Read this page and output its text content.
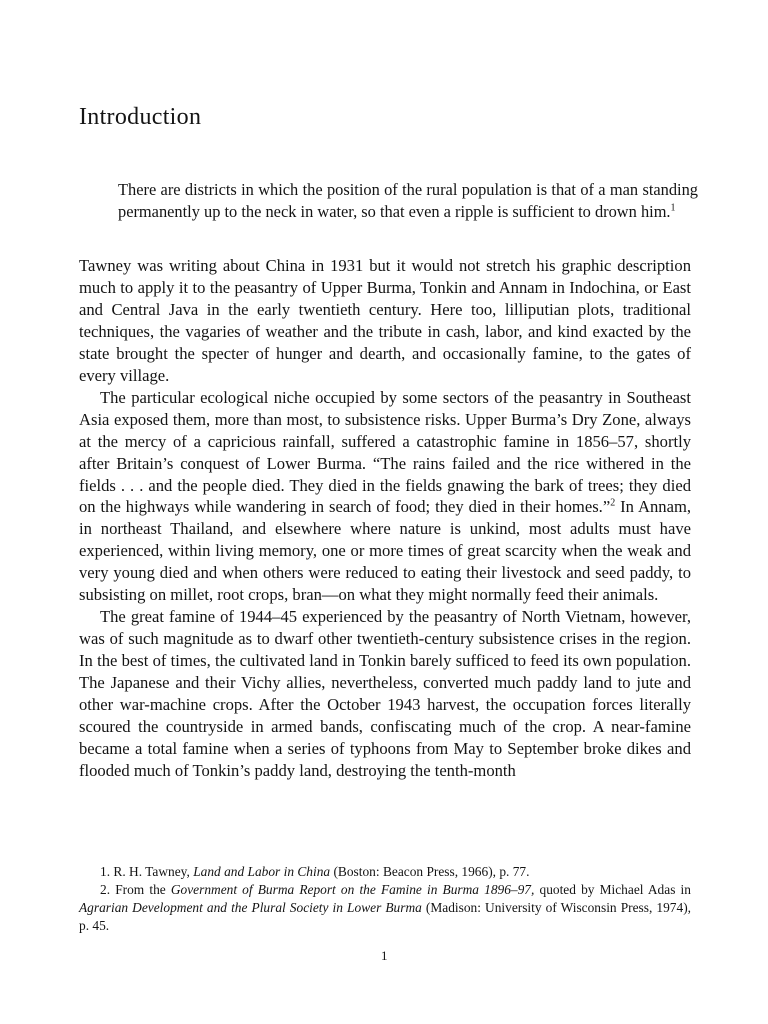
Introduction

There are districts in which the position of the rural population is that of a man standing permanently up to the neck in water, so that even a ripple is sufficient to drown him.$^1$

Tawney was writing about China in 1931 but it would not stretch his graphic description much to apply it to the peasantry of Upper Burma, Tonkin and Annam in Indochina, or East and Central Java in the early twentieth century. Here too, lilliputian plots, traditional techniques, the vagaries of weather and the tribute in cash, labor, and kind exacted by the state brought the specter of hunger and dearth, and occasionally famine, to the gates of every village.

The particular ecological niche occupied by some sectors of the peasantry in Southeast Asia exposed them, more than most, to subsistence risks. Upper Burma’s Dry Zone, always at the mercy of a capricious rainfall, suffered a catastrophic famine in 1856–57, shortly after Britain’s conquest of Lower Burma. “The rains failed and the rice withered in the fields . . . and the people died. They died in the fields gnawing the bark of trees; they died on the highways while wandering in search of food; they died in their homes.”$^2$ In Annam, in northeast Thailand, and elsewhere where nature is unkind, most adults must have experienced, within living memory, one or more times of great scarcity when the weak and very young died and when others were reduced to eating their livestock and seed paddy, to subsisting on millet, root crops, bran—on what they might normally feed their animals.

The great famine of 1944–45 experienced by the peasantry of North Vietnam, however, was of such magnitude as to dwarf other twentieth-century subsistence crises in the region. In the best of times, the cultivated land in Tonkin barely sufficed to feed its own population. The Japanese and their Vichy allies, nevertheless, converted much paddy land to jute and other war-machine crops. After the October 1943 harvest, the occupation forces literally scoured the countryside in armed bands, confiscating much of the crop. A near-famine became a total famine when a series of typhoons from May to September broke dikes and flooded much of Tonkin’s paddy land, destroying the tenth-month

1. R. H. Tawney, Land and Labor in China (Boston: Beacon Press, 1966), p. 77.

2. From the Government of Burma Report on the Famine in Burma 1896–97, quoted by Michael Adas in Agrarian Development and the Plural Society in Lower Burma (Madison: University of Wisconsin Press, 1974), p. 45.

1
